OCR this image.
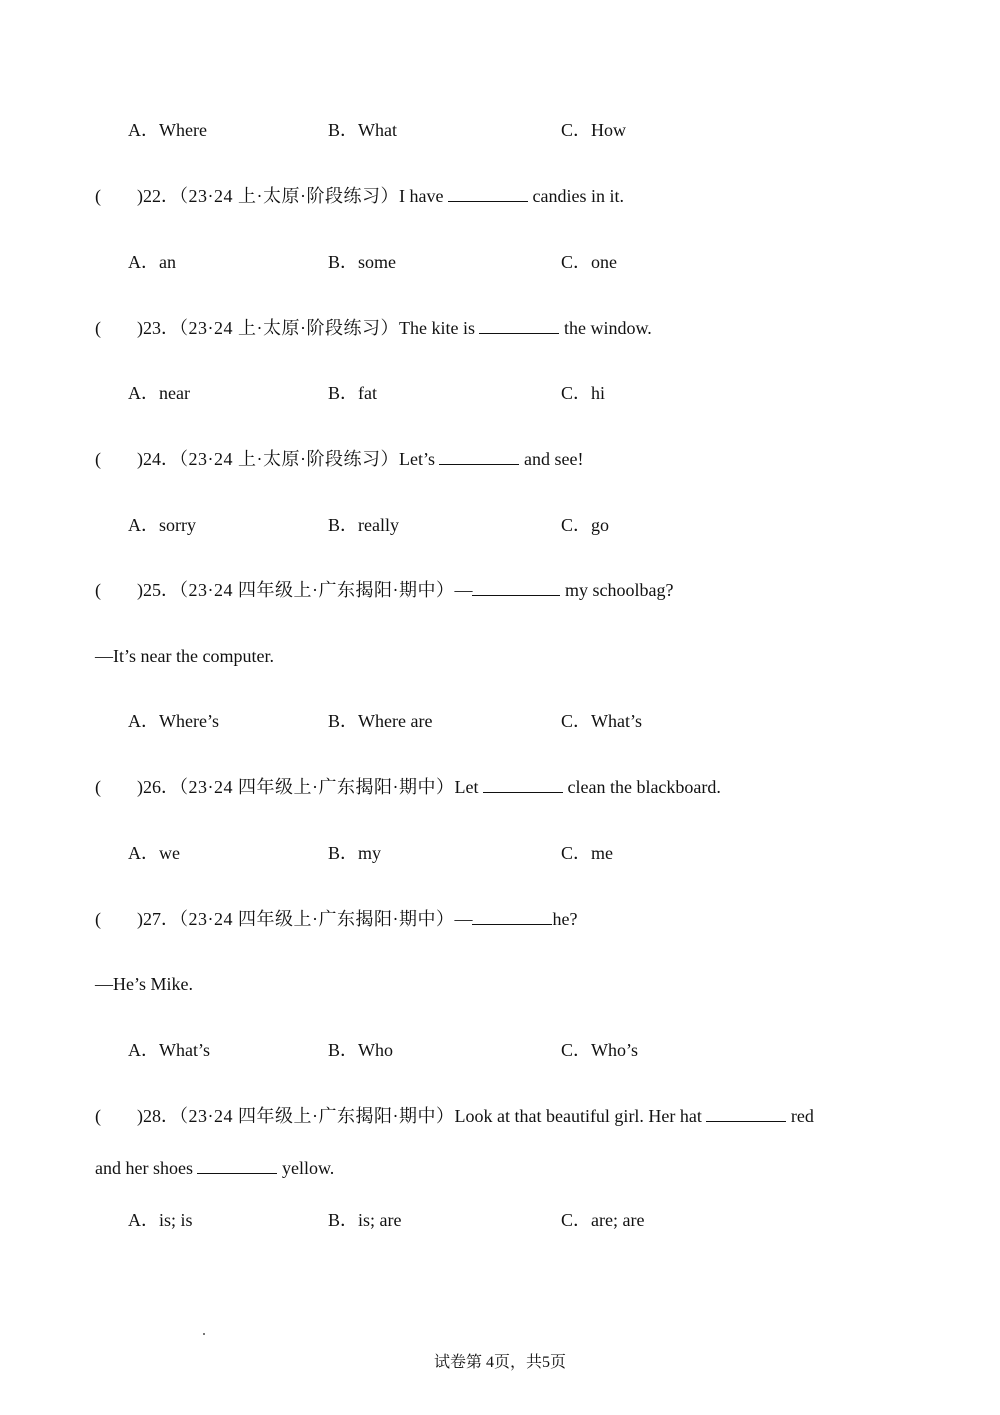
A．Where	B．What	C．How
( )22．（23·24 上·太原·阶段练习）I have	candies in it.
A．an	B．some	C．one
( )23．（23·24 上·太原·阶段练习）The kite is	the window.
A．near	B．fat	C．hi
( )24．（23·24 上·太原·阶段练习）Let’s	and see!
A．sorry	B．really	C．go
( )25．（23·24 四年级上·广东揭阳·期中）—	my schoolbag?
—It’s near the computer.
A．Where’s	B．Where are	C．What’s
( )26．（23·24 四年级上·广东揭阳·期中）Let	clean the blackboard.
A．we	B．my	C．me
( )27．（23·24 四年级上·广东揭阳·期中）—	he?
—He’s Mike.
A．What’s	B．Who	C．Who’s
( )28．（23·24 四年级上·广东揭阳·期中）Look at that beautiful girl. Her hat	red
and her shoes	yellow.
A．is; is	B．is; are	C．are; are
试卷第 4页，共5页
